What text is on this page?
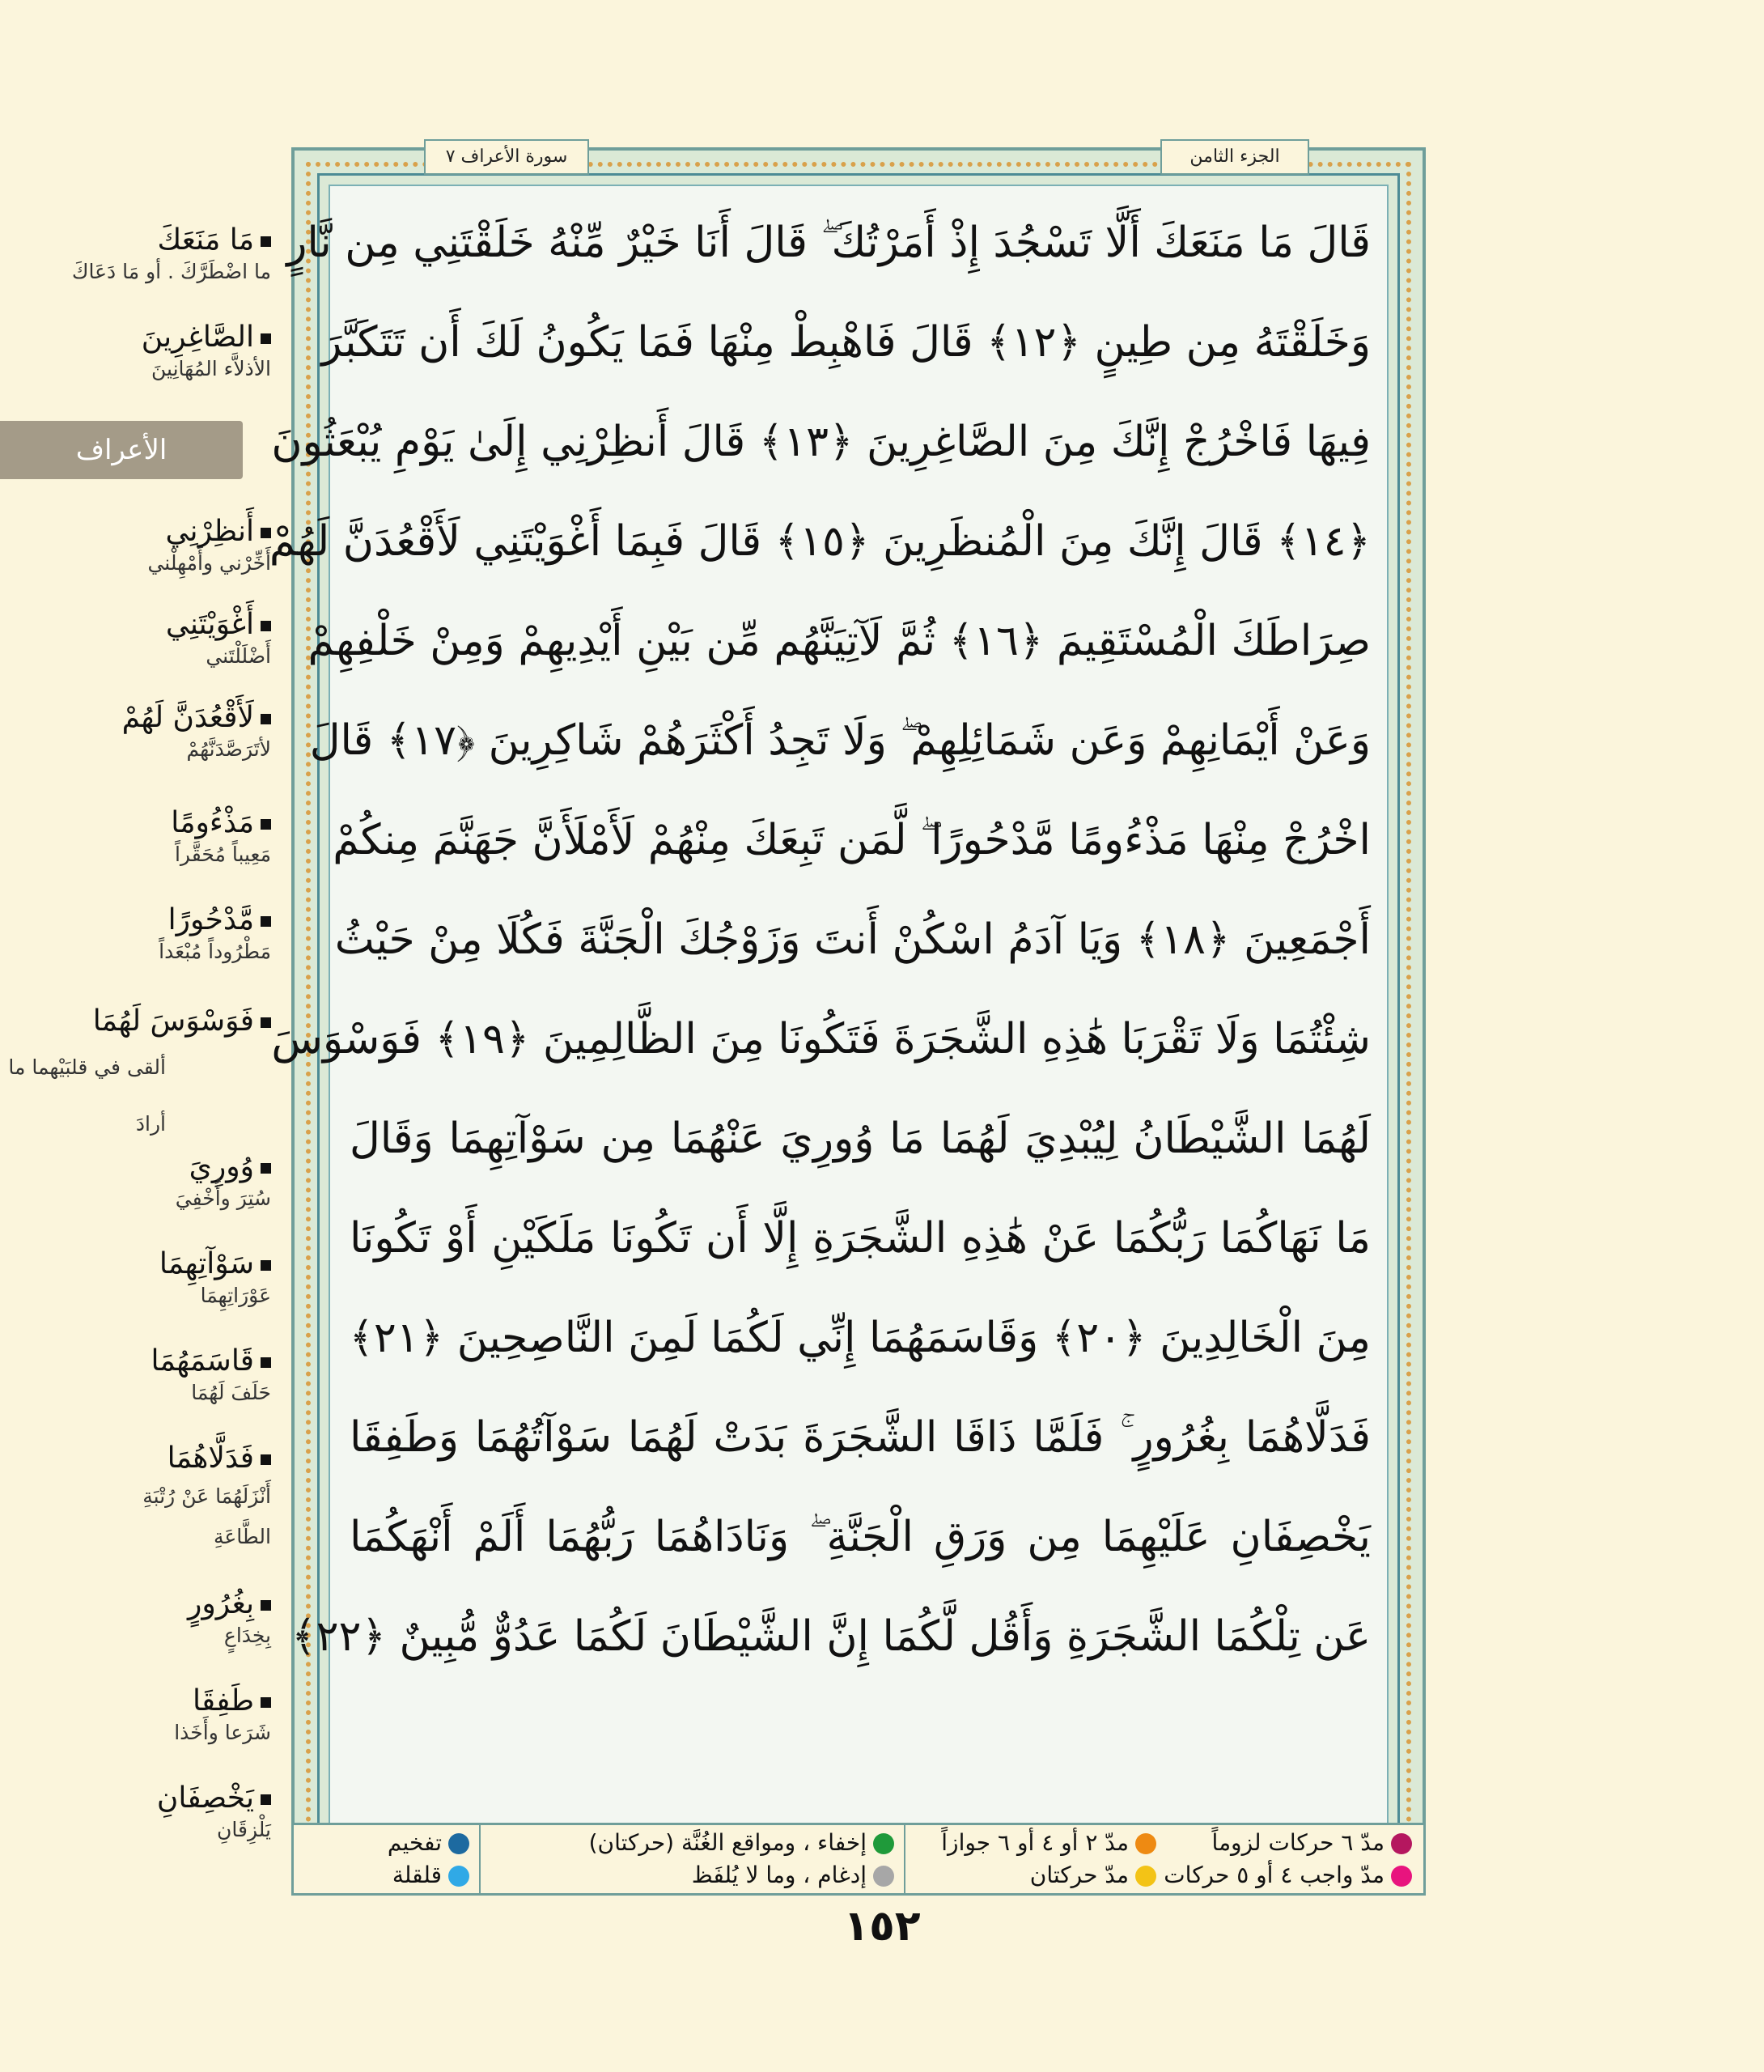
مَا مَنَعَكَ
ما اضْطَرَّكَ . أو مَا دَعَاكَ
الصَّاغِرِينَ
الأذلاَّء المُهَانِينَ
أَنظِرْنِي
أَخِّرْني وأَمْهِلْني
أَغْوَيْتَنِي
أَضْلَلْتَني
لَأَقْعُدَنَّ لَهُمْ
لأتَرَصَّدَنَّهُمْ
مَذْءُومًا
مَعِيباً مُحَقَّراً
مَّدْحُورًا
مَطْرُوداً مُبْعَداً
فَوَسْوَسَ لَهُمَا
ألقى في قلبَيْهما ما أرادَ
وُورِيَ
سُتِرَ وأُخْفِيَ
سَوْآتِهِمَا
عَوْرَاتِهِمَا
قَاسَمَهُمَا
حَلَفَ لَهُمَا
فَدَلَّاهُمَا
أَنْزَلَهُمَا عَنْ رُتْبَةِ الطَّاعَةِ
بِغُرُورٍ
بِخِدَاعٍ
طَفِقَا
شَرَعا وأَخَذا
يَخْصِفَانِ
يَلْزِقَانِ
الأعراف
الجزء الثامن
سورة الأعراف ٧
قَالَ مَا مَنَعَكَ أَلَّا تَسْجُدَ إِذْ أَمَرْتُكَ ۖ قَالَ أَنَا خَيْرٌ مِّنْهُ خَلَقْتَنِي مِن نَّارٍ
وَخَلَقْتَهُ مِن طِينٍ ﴿١٢﴾ قَالَ فَاهْبِطْ مِنْهَا فَمَا يَكُونُ لَكَ أَن تَتَكَبَّرَ
فِيهَا فَاخْرُجْ إِنَّكَ مِنَ الصَّاغِرِينَ ﴿١٣﴾ قَالَ أَنظِرْنِي إِلَىٰ يَوْمِ يُبْعَثُونَ
﴿١٤﴾ قَالَ إِنَّكَ مِنَ الْمُنظَرِينَ ﴿١٥﴾ قَالَ فَبِمَا أَغْوَيْتَنِي لَأَقْعُدَنَّ لَهُمْ
صِرَاطَكَ الْمُسْتَقِيمَ ﴿١٦﴾ ثُمَّ لَآتِيَنَّهُم مِّن بَيْنِ أَيْدِيهِمْ وَمِنْ خَلْفِهِمْ
وَعَنْ أَيْمَانِهِمْ وَعَن شَمَائِلِهِمْ ۖ وَلَا تَجِدُ أَكْثَرَهُمْ شَاكِرِينَ ﴿١٧﴾ قَالَ
اخْرُجْ مِنْهَا مَذْءُومًا مَّدْحُورًا ۖ لَّمَن تَبِعَكَ مِنْهُمْ لَأَمْلَأَنَّ جَهَنَّمَ مِنكُمْ
أَجْمَعِينَ ﴿١٨﴾ وَيَا آدَمُ اسْكُنْ أَنتَ وَزَوْجُكَ الْجَنَّةَ فَكُلَا مِنْ حَيْثُ
شِئْتُمَا وَلَا تَقْرَبَا هَٰذِهِ الشَّجَرَةَ فَتَكُونَا مِنَ الظَّالِمِينَ ﴿١٩﴾ فَوَسْوَسَ
لَهُمَا الشَّيْطَانُ لِيُبْدِيَ لَهُمَا مَا وُورِيَ عَنْهُمَا مِن سَوْآتِهِمَا وَقَالَ
مَا نَهَاكُمَا رَبُّكُمَا عَنْ هَٰذِهِ الشَّجَرَةِ إِلَّا أَن تَكُونَا مَلَكَيْنِ أَوْ تَكُونَا
مِنَ الْخَالِدِينَ ﴿٢٠﴾ وَقَاسَمَهُمَا إِنِّي لَكُمَا لَمِنَ النَّاصِحِينَ ﴿٢١﴾
فَدَلَّاهُمَا بِغُرُورٍ ۚ فَلَمَّا ذَاقَا الشَّجَرَةَ بَدَتْ لَهُمَا سَوْآتُهُمَا وَطَفِقَا
يَخْصِفَانِ عَلَيْهِمَا مِن وَرَقِ الْجَنَّةِ ۖ وَنَادَاهُمَا رَبُّهُمَا أَلَمْ أَنْهَكُمَا
عَن تِلْكُمَا الشَّجَرَةِ وَأَقُل لَّكُمَا إِنَّ الشَّيْطَانَ لَكُمَا عَدُوٌّ مُّبِينٌ ﴿٢٢﴾
مدّ ٦ حركات لزوماً
مدّ ٢ أو ٤ أو ٦ جوازاً
مدّ واجب ٤ أو ٥ حركات
مدّ حركتان
إخفاء ، ومواقع الغُنَّة (حركتان)
إدغام ، وما لا يُلفَظ
تفخيم
قلقلة
١٥٢
